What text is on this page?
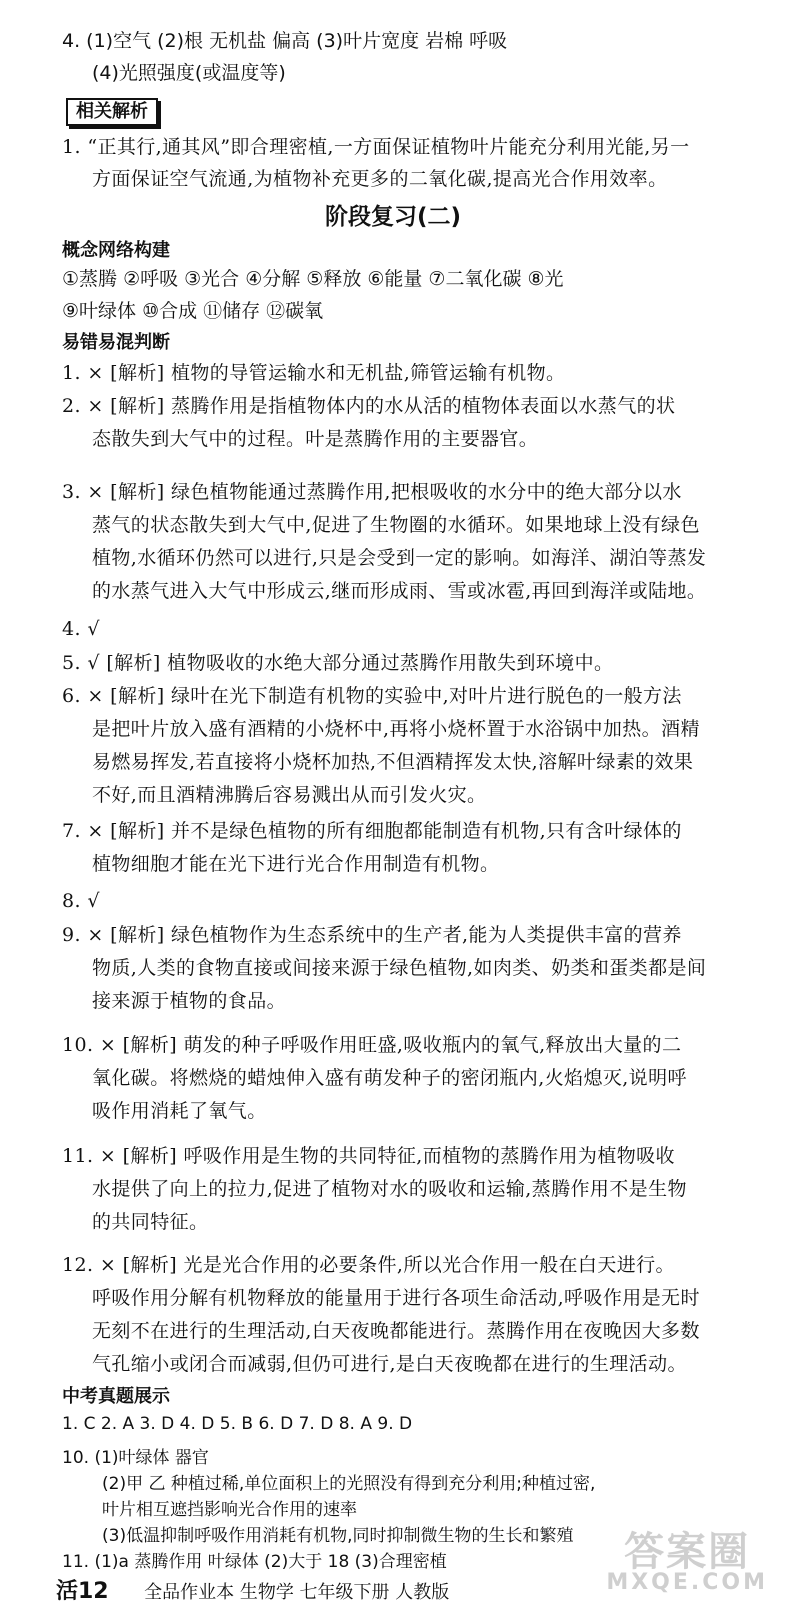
4. (1)空气 (2)根 无机盐 偏高 (3)叶片宽度 岩棉 呼吸
(4)光照强度(或温度等)
相关解析
1. “正其行,通其风”即合理密植,一方面保证植物叶片能充分利用光能,另一
方面保证空气流通,为植物补充更多的二氧化碳,提高光合作用效率。
阶段复习(二)
概念网络构建
①蒸腾 ②呼吸 ③光合 ④分解 ⑤释放 ⑥能量 ⑦二氧化碳 ⑧光
⑨叶绿体 ⑩合成 ⑪储存 ⑫碳氧
易错易混判断
1. × [解析] 植物的导管运输水和无机盐,筛管运输有机物。
2. × [解析] 蒸腾作用是指植物体内的水从活的植物体表面以水蒸气的状
态散失到大气中的过程。叶是蒸腾作用的主要器官。
3. × [解析] 绿色植物能通过蒸腾作用,把根吸收的水分中的绝大部分以水
蒸气的状态散失到大气中,促进了生物圈的水循环。如果地球上没有绿色
植物,水循环仍然可以进行,只是会受到一定的影响。如海洋、湖泊等蒸发
的水蒸气进入大气中形成云,继而形成雨、雪或冰雹,再回到海洋或陆地。
4. √
5. √ [解析] 植物吸收的水绝大部分通过蒸腾作用散失到环境中。
6. × [解析] 绿叶在光下制造有机物的实验中,对叶片进行脱色的一般方法
是把叶片放入盛有酒精的小烧杯中,再将小烧杯置于水浴锅中加热。酒精
易燃易挥发,若直接将小烧杯加热,不但酒精挥发太快,溶解叶绿素的效果
不好,而且酒精沸腾后容易溅出从而引发火灾。
7. × [解析] 并不是绿色植物的所有细胞都能制造有机物,只有含叶绿体的
植物细胞才能在光下进行光合作用制造有机物。
8. √
9. × [解析] 绿色植物作为生态系统中的生产者,能为人类提供丰富的营养
物质,人类的食物直接或间接来源于绿色植物,如肉类、奶类和蛋类都是间
接来源于植物的食品。
10. × [解析] 萌发的种子呼吸作用旺盛,吸收瓶内的氧气,释放出大量的二
氧化碳。将燃烧的蜡烛伸入盛有萌发种子的密闭瓶内,火焰熄灭,说明呼
吸作用消耗了氧气。
11. × [解析] 呼吸作用是生物的共同特征,而植物的蒸腾作用为植物吸收
水提供了向上的拉力,促进了植物对水的吸收和运输,蒸腾作用不是生物
的共同特征。
12. × [解析] 光是光合作用的必要条件,所以光合作用一般在白天进行。
呼吸作用分解有机物释放的能量用于进行各项生命活动,呼吸作用是无时
无刻不在进行的生理活动,白天夜晚都能进行。蒸腾作用在夜晚因大多数
气孔缩小或闭合而减弱,但仍可进行,是白天夜晚都在进行的生理活动。
中考真题展示
1. C 2. A 3. D 4. D 5. B 6. D 7. D 8. A 9. D
10. (1)叶绿体 器官
(2)甲 乙 种植过稀,单位面积上的光照没有得到充分利用;种植过密,
叶片相互遮挡影响光合作用的速率
活12 全品作业本 生物学 七年级下册 人教版
答案圈
MXQE.COM
(3)低温抑制呼吸作用消耗有机物,同时抑制微生物的生长和繁殖
11. (1)a 蒸腾作用 叶绿体 (2)大于 18 (3)合理密植
